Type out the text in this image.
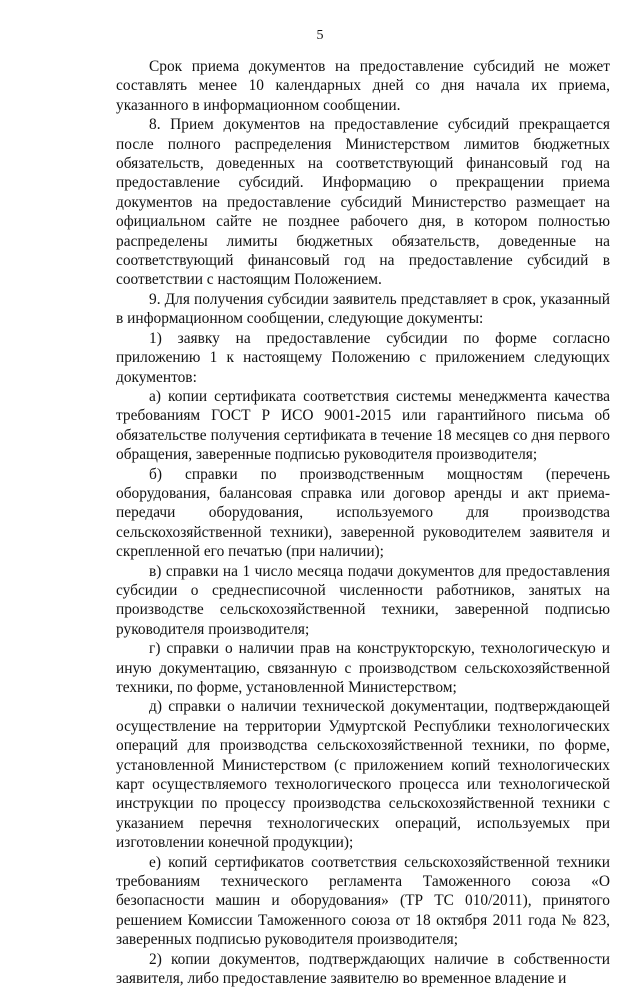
5

Срок приема документов на предоставление субсидий не может составлять менее 10 календарных дней со дня начала их приема, указанного в информационном сообщении.

8. Прием документов на предоставление субсидий прекращается после полного распределения Министерством лимитов бюджетных обязательств, доведенных на соответствующий финансовый год на предоставление субсидий. Информацию о прекращении приема документов на предоставление субсидий Министерство размещает на официальном сайте не позднее рабочего дня, в котором полностью распределены лимиты бюджетных обязательств, доведенные на соответствующий финансовый год на предоставление субсидий в соответствии с настоящим Положением.

9. Для получения субсидии заявитель представляет в срок, указанный в информационном сообщении, следующие документы:

1) заявку на предоставление субсидии по форме согласно приложению 1 к настоящему Положению с приложением следующих документов:

а) копии сертификата соответствия системы менеджмента качества требованиям ГОСТ Р ИСО 9001-2015 или гарантийного письма об обязательстве получения сертификата в течение 18 месяцев со дня первого обращения, заверенные подписью руководителя производителя;

б) справки по производственным мощностям (перечень оборудования, балансовая справка или договор аренды и акт приема-передачи оборудования, используемого для производства сельскохозяйственной техники), заверенной руководителем заявителя и скрепленной его печатью (при наличии);

в) справки на 1 число месяца подачи документов для предоставления субсидии о среднесписочной численности работников, занятых на производстве сельскохозяйственной техники, заверенной подписью руководителя производителя;

г) справки о наличии прав на конструкторскую, технологическую и иную документацию, связанную с производством сельскохозяйственной техники, по форме, установленной Министерством;

д) справки о наличии технической документации, подтверждающей осуществление на территории Удмуртской Республики технологических операций для производства сельскохозяйственной техники, по форме, установленной Министерством (с приложением копий технологических карт осуществляемого технологического процесса или технологической инструкции по процессу производства сельскохозяйственной техники с указанием перечня технологических операций, используемых при изготовлении конечной продукции);

е) копий сертификатов соответствия сельскохозяйственной техники требованиям технического регламента Таможенного союза «О безопасности машин и оборудования» (ТР ТС 010/2011), принятого решением Комиссии Таможенного союза от 18 октября 2011 года № 823, заверенных подписью руководителя производителя;

2) копии документов, подтверждающих наличие в собственности заявителя, либо предоставление заявителю во временное владение и
